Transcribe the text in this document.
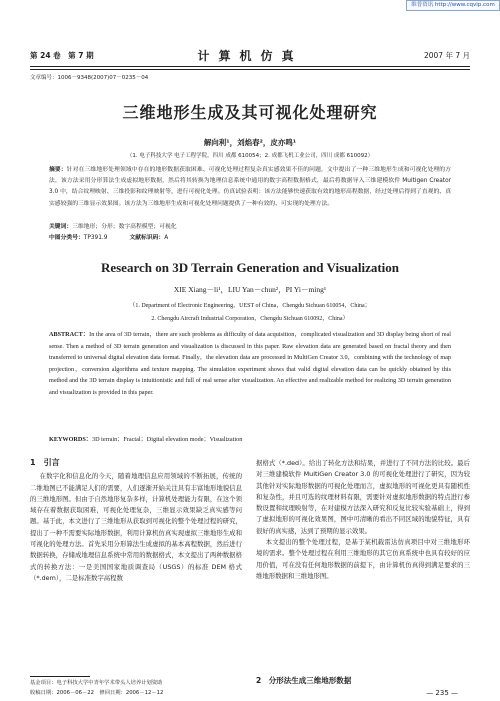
维普资讯 http://www.cqvip.com
第 24 卷　第 7 期	计算机仿真	2007 年 7 月
文章编号：1006－9348(2007)07－0235－04
三维地形生成及其可视化处理研究
解向利¹，刘焰春²，皮亦鸣¹
（1. 电子科技大学 电子工程学院，四川 成都 610054；2. 成都飞机工业公司，四川 成都 610092）
摘要：针对在三维地形处理领域中存在的地形数据获取困难、可视化处理过程复杂真实感效果不佳的问题，文中提出了一种三维地形生成和可视化处理的方法，该方法采用分形算法生成虚拟地形数据，然后将其转换为地理信息系统中通用的数字高程数据格式，最后将数据导入三维建模软件 Multigen Creator 3.0 中，结合纹理映射、三维投影和纹理映射等，进行可视化处理。仿真试验表明：该方法能够快速获取有效的地形高程数据，经过处理后得到了直观的、真实感较强的三维显示效果图。该方法为三维地形生成和可视化处理问题提供了一种有效的、可实现的处理方法。
关键词：三维地形；分形；数字高程模型；可视化
中图分类号：TP391.9	文献标识码：A
Research on 3D Terrain Generation and Visualization
XIE Xiang－li¹，LIU Yan－chun²，PI Yi－ming¹
（1. Department of Electronic Engineering，UEST of China，Chengdu Sichuan 610054，China；
2. Chengdu Aircraft Industrial Corporation，Chengdu Sichuan 610092，China）
ABSTRACT：In the area of 3D terrain，there are such problems as difficulty of data acquisition，complicated visualization and 3D display being short of real sense. Then a method of 3D terrain generation and visualization is discussed in this paper. Raw elevation data are generated based on fractal theory and then transferred to universal digital elevation data format. Finally，the elevation data are processed in MultiGen Creator 3.0，combining with the technology of map projection，conversion algorithms and texture mapping. The simulation experiment shows that valid digital elevation data can be quickly obtained by this method and the 3D terrain display is intuitionistic and full of real sense after visualization. An effective and realizable method for realizing 3D terrain generation and visualization is provided in this paper.
KEYWORDS：3D terrain；Fractal；Digital elevation mode；Visualization
1　引言

在数字化和信息化的今天，随着地理信息应用领域的不断拓展，传统的二维地图已不能满足人们的需要，人们逐渐开始关注具有丰富地形地貌信息的三维地形图。但由于自然地形复杂多样，计算机处理能力有限，在这个领域存在着数据获取困难，可视化处理复杂，三维显示效果缺乏真实感等问题。基于此，本文进行了三维地形从获取到可视化的整个处理过程的研究，提出了一种不需要实际地形数据，利用计算机仿真实现虚拟三维地形生成和可视化的处理方法。首先采用分形算法生成虚拟的基本高程数据，然后进行数据转换，存储成地理信息系统中常用的数据格式，本文提出了两种数据格式的转换方法：一是美国国家地质调查局（USGS）的标准 DEM 格式（*.dem），二是标准数字高程数

据格式（*.ded）。给出了转化方法和结果，并进行了不同方法的比较。最后对三维建模软件 MultiGen Creator 3.0 的可视化处理进行了研究，因为较其他针对实际地形数据的可视化处理而言，虚拟地形的可视化更具有随机性和复杂性，并且可选的纹理材料有限，需要针对虚拟地形数据的特点进行参数设置和纹理映射等，在对建模方法深入研究和反复比较实验基础上，得到了虚拟地形的可视化效果图，图中可清晰的看出不同区域的地貌特征，具有很好的真实感，达到了预期的显示效果。

本文提出的整个处理过程，是基于某机载雷达仿真项目中对三维地形环境的需求。整个处理过程在利用三维地形的其它仿真系统中也具有较好的应用价值，可在没有任何地形数据的前提下，由计算机仿真得到满足要求的三维地形数据和三维地形图。

2　分形法生成三维地形数据
基金项目：电子科技大学中青年学术带头人培养计划资助
收稿日期：2006－06－22　修回日期：2006－12－12	— 235 —
